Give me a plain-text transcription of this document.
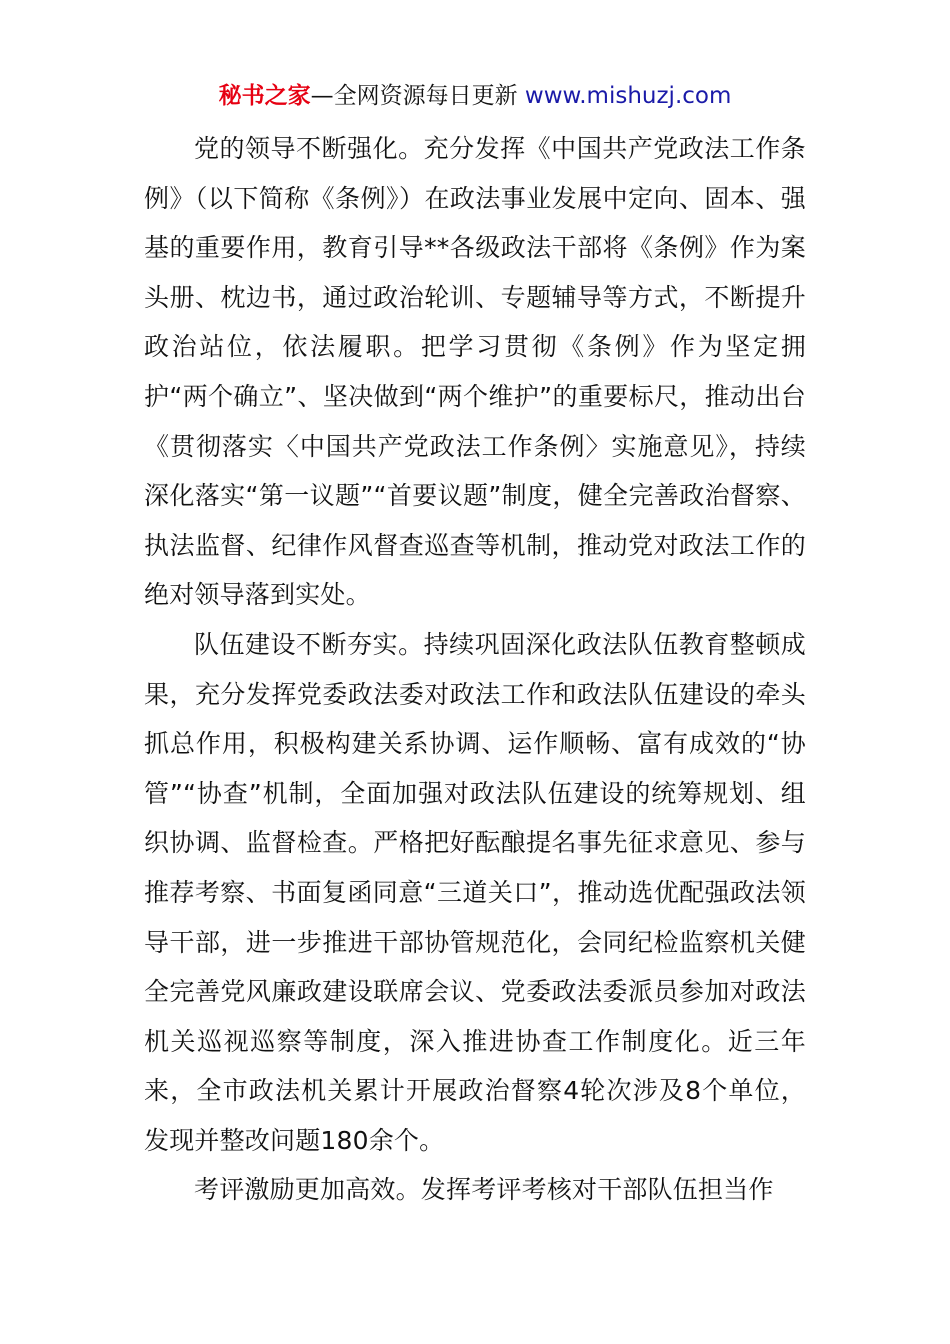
秘书之家—全网资源每日更新 www.mishuzj.com

党的领导不断强化。充分发挥《中国共产党政法工作条例》（以下简称《条例》）在政法事业发展中定向、固本、强基的重要作用，教育引导**各级政法干部将《条例》作为案头册、枕边书，通过政治轮训、专题辅导等方式，不断提升政治站位，依法履职。把学习贯彻《条例》作为坚定拥护“两个确立”、坚决做到“两个维护”的重要标尺，推动出台《贯彻落实〈中国共产党政法工作条例〉实施意见》，持续深化落实“第一议题”“首要议题”制度，健全完善政治督察、执法监督、纪律作风督查巡查等机制，推动党对政法工作的绝对领导落到实处。

队伍建设不断夯实。持续巩固深化政法队伍教育整顿成果，充分发挥党委政法委对政法工作和政法队伍建设的牵头抓总作用，积极构建关系协调、运作顺畅、富有成效的“协管”“协查”机制，全面加强对政法队伍建设的统筹规划、组织协调、监督检查。严格把好酝酿提名事先征求意见、参与推荐考察、书面复函同意“三道关口”，推动选优配强政法领导干部，进一步推进干部协管规范化，会同纪检监察机关健全完善党风廉政建设联席会议、党委政法委派员参加对政法机关巡视巡察等制度，深入推进协查工作制度化。近三年来，全市政法机关累计开展政治督察4轮次涉及8个单位，发现并整改问题180余个。

考评激励更加高效。发挥考评考核对干部队伍担当作
